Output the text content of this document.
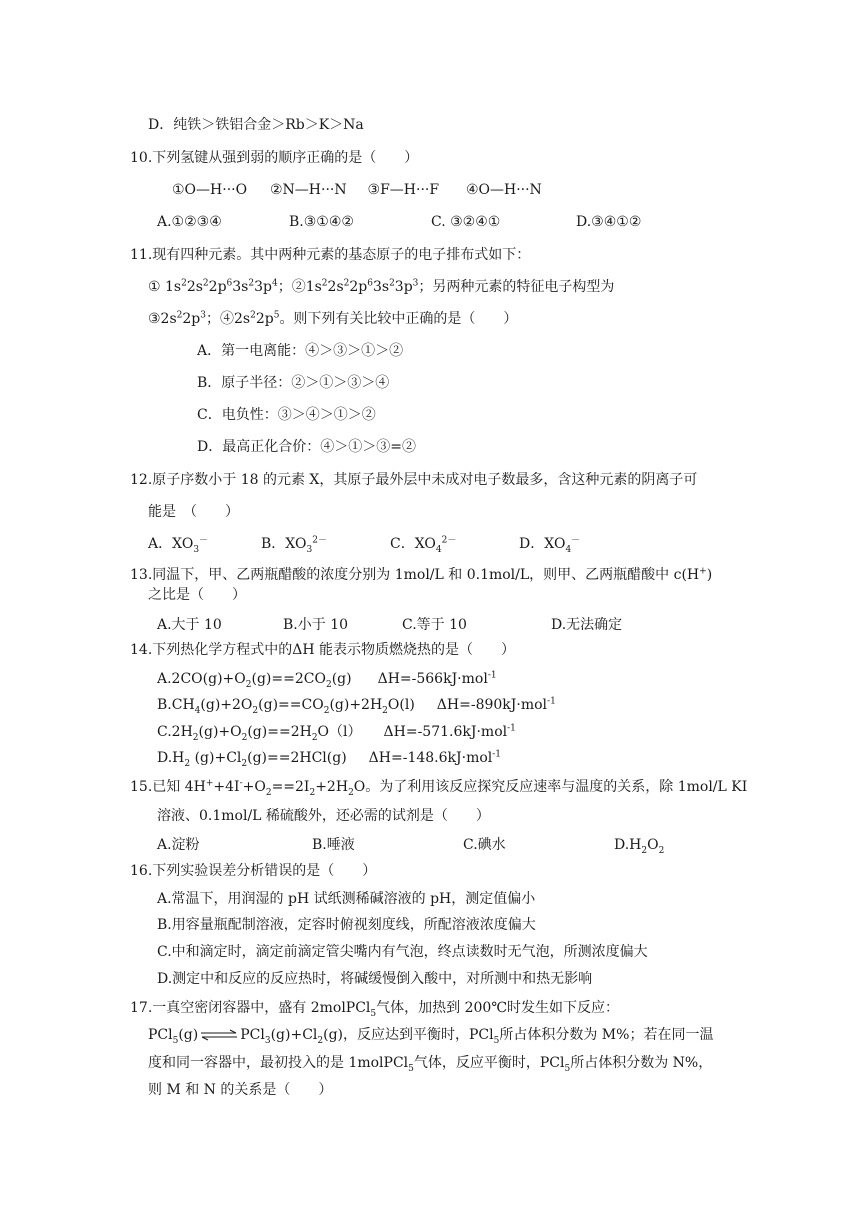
D．纯铁＞铁铝合金＞Rb＞K＞Na
10.下列氢键从强到弱的顺序正确的是（　　）
①O—H···O ②N—H···N ③F—H···F ④O—H···N
A.①②③④	B.③①④②	C. ③②④①	D.③④①②
11.现有四种元素。其中两种元素的基态原子的电子排布式如下：
① $1s^22s^22p^63s^23p^4$；$②1s^22s^22p^63s^23p^3$；另两种元素的特征电子构型为
$③2s^22p^3$；$④2s^22p^5$。则下列有关比较中正确的是（　　）
A．第一电离能：④＞③＞①＞②
B．原子半径：②＞①＞③＞④
C．电负性：③＞④＞①＞②
D．最高正化合价：④＞①＞③=②
12.原子序数小于 18 的元素 X，其原子最外层中未成对电子数最多，含这种元素的阴离子可
能是　（　　）
A．$XO_3^-$	B．$XO_3^{2-}$	C．$XO_4^{2-}$	D．$XO_4^-$
13.同温下，甲、乙两瓶醋酸的浓度分别为 1mol/L 和 0.1mol/L，则甲、乙两瓶醋酸中 c(H+)
之比是（　　）
A.大于 10	B.小于 10	C.等于 10	D.无法确定
14.下列热化学方程式中的ΔH 能表示物质燃烧热的是（　　）
$A.2CO(g)+O_2(g)==2CO_2(g)$ ΔH=-566kJ·mol$^{-1}$
$B.CH_4(g)+2O_2(g)==CO_2(g)+2H_2O(l)$ ΔH=-890kJ·mol$^{-1}$
$C.2H_2(g)+O_2(g)==2H_2O(l)$ ΔH=-571.6kJ·mol$^{-1}$
$D.H_2$ $(g)+Cl_2(g)==2HCl(g)$ ΔH=-148.6kJ·mol$^{-1}$
15.已知 $4H^++4I^-+O_2==2I_2+2H_2O$。为了利用该反应探究反应速率与温度的关系，除 1mol/L KI
溶液、0.1mol/L 稀硫酸外，还必需的试剂是（　　）
A.淀粉	B.唾液	C.碘水	$D.H_2O_2$
16.下列实验误差分析错误的是（　　）
A.常温下，用润湿的 pH 试纸测稀碱溶液的 pH，测定值偏小
B.用容量瓶配制溶液，定容时俯视刻度线，所配溶液浓度偏大
C.中和滴定时，滴定前滴定管尖嘴内有气泡，终点读数时无气泡，所测浓度偏大
D.测定中和反应的反应热时，将碱缓慢倒入酸中，对所测中和热无影响
17.一真空密闭容器中，盛有 2molPCl$_5$气体，加热到 200℃时发生如下反应：
PCl$_5$(g) ⇌ $PCl_3(g)+Cl_2(g)$，反应达到平衡时，PCl$_5$所占体积分数为 M%；若在同一温
度和同一容器中，最初投入的是 1molPCl$_5$气体，反应平衡时，PCl$_5$所占体积分数为 N%，
则 M 和 N 的关系是（　　）
